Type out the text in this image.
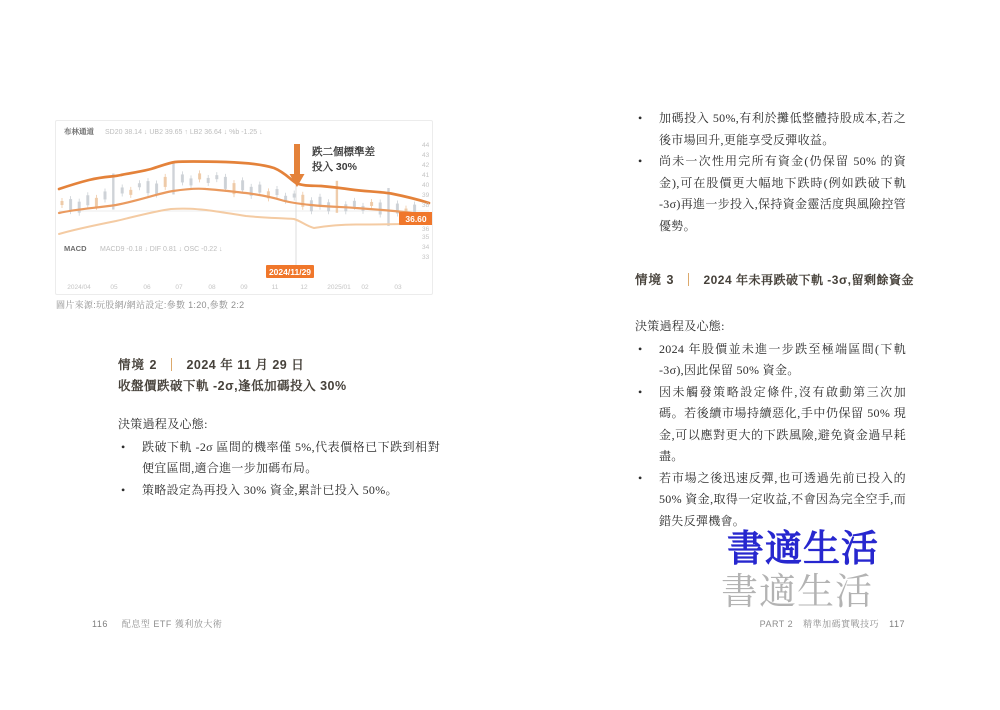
布林通道 SD20 38.14 ↓ UB2 39.65 ↑ LB2 36.64 ↓ %b -1.25 ↓
跌二個標準差
投入 30%
44
43
42
41
40
39
38
36
35
34
33
36.60
MACD MACD9 -0.18 ↓ DIF 0.81 ↓ OSC -0.22 ↓
2024/11/29
2024/04	05	06	07	08	09	11	12	2025/01 02	03
圖片來源:玩股網/網站設定:參數 1:20,參數 2:2
情境 2 2024 年 11 月 29 日
收盤價跌破下軌 -2σ,逢低加碼投入 30%

決策過程及心態:

• 跌破下軌 -2σ 區間的機率僅 5%,代表價格已下跌到相對便宜區間,適合進一步加碼布局。
• 策略設定為再投入 30% 資金,累計已投入 50%。
116 配息型 ETF 獲利放大術
• 加碼投入 50%,有利於攤低整體持股成本,若之後市場回升,更能享受反彈收益。
• 尚未一次性用完所有資金(仍保留 50% 的資金),可在股價更大幅地下跌時(例如跌破下軌 -3σ)再進一步投入,保持資金靈活度與風險控管優勢。
情境 3 2024 年未再跌破下軌 -3σ,留剩餘資金

決策過程及心態:

• 2024 年股價並未進一步跌至極端區間(下軌 -3σ),因此保留 50% 資金。
• 因未觸發策略設定條件,沒有啟動第三次加碼。若後續市場持續惡化,手中仍保留 50% 現金,可以應對更大的下跌風險,避免資金過早耗盡。
• 若市場之後迅速反彈,也可透過先前已投入的 50% 資金,取得一定收益,不會因為完全空手,而錯失反彈機會。
書適生活
書適生活
PART 2 精準加碼實戰技巧 117
